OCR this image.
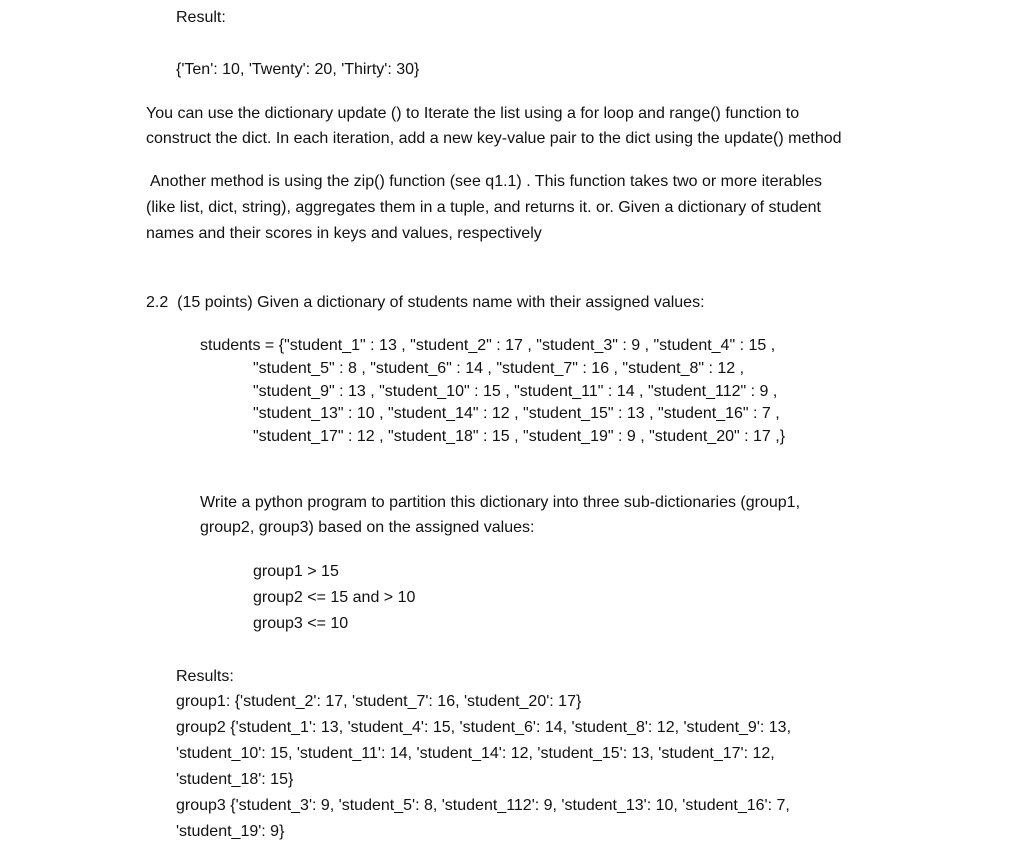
Result:
{'Ten': 10, 'Twenty': 20, 'Thirty': 30}
You can use the dictionary update () to Iterate the list using a for loop and range() function to
construct the dict. In each iteration, add a new key-value pair to the dict using the update() method
Another method is using the zip() function (see q1.1) . This function takes two or more iterables
(like list, dict, string), aggregates them in a tuple, and returns it. or. Given a dictionary of student
names and their scores in keys and values, respectively
2.2  (15 points) Given a dictionary of students name with their assigned values:
students = {"student_1" : 13 , "student_2" : 17 , "student_3" : 9 , "student_4" : 15 ,
"student_5" : 8 , "student_6" : 14 , "student_7" : 16 , "student_8" : 12 ,
"student_9" : 13 , "student_10" : 15 , "student_11" : 14 , "student_112" : 9 ,
"student_13" : 10 , "student_14" : 12 , "student_15" : 13 , "student_16" : 7 ,
"student_17" : 12 , "student_18" : 15 , "student_19" : 9 , "student_20" : 17 ,}
Write a python program to partition this dictionary into three sub-dictionaries (group1,
group2, group3) based on the assigned values:
group1 > 15
group2 <= 15 and > 10
group3 <= 10
Results:
group1: {'student_2': 17, 'student_7': 16, 'student_20': 17}
group2 {'student_1': 13, 'student_4': 15, 'student_6': 14, 'student_8': 12, 'student_9': 13,
'student_10': 15, 'student_11': 14, 'student_14': 12, 'student_15': 13, 'student_17': 12,
'student_18': 15}
group3 {'student_3': 9, 'student_5': 8, 'student_112': 9, 'student_13': 10, 'student_16': 7,
'student_19': 9}
